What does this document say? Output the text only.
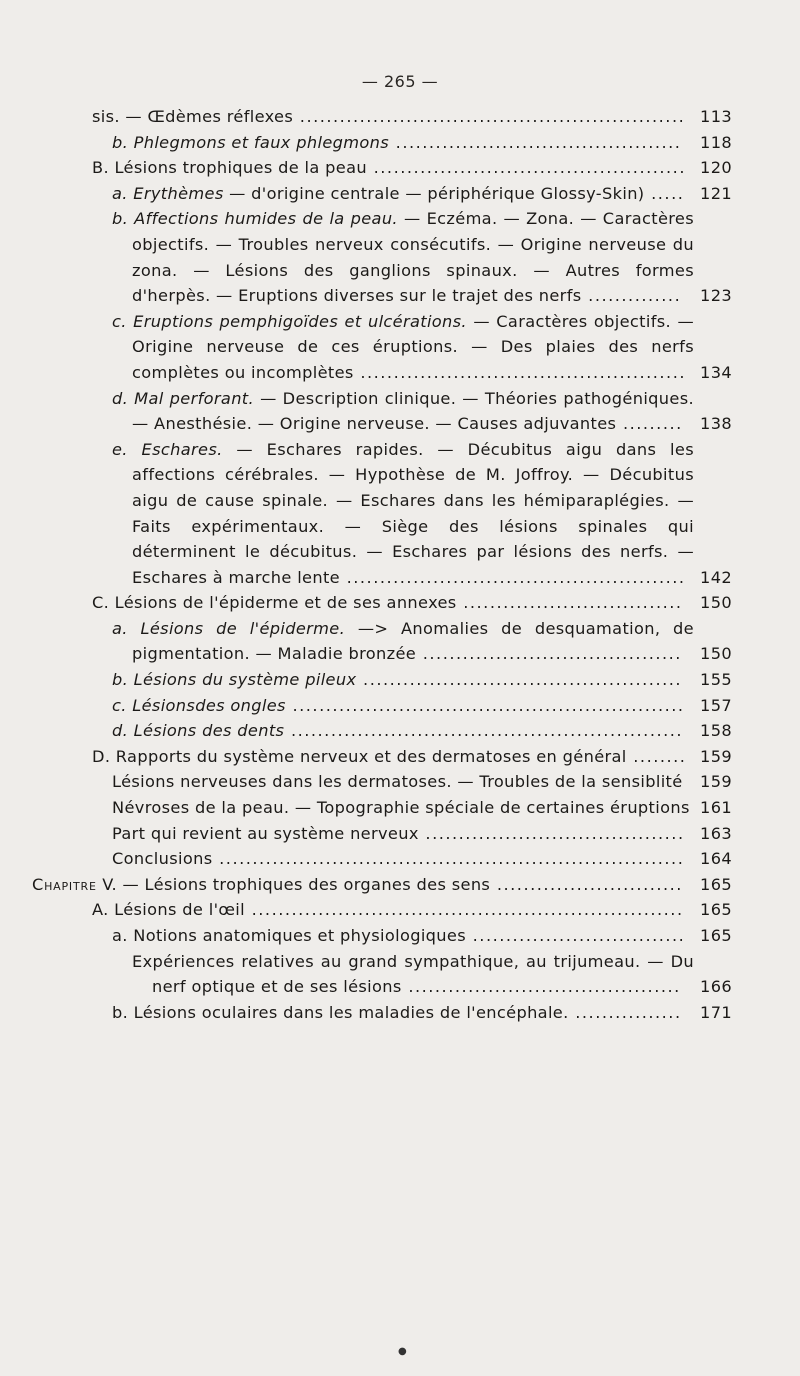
— 265 —
sis. — Œdèmes réflexes .......................................................... 113
b. Phlegmons et faux phlegmons ........................................... 118
B. Lésions trophiques de la peau ............................................... 120
a. Erythèmes — d'origine centrale — périphérique Glossy-Skin) ..... 121
b. Affections humides de la peau. — Eczéma. — Zona. — Caractères objectifs. — Troubles nerveux consécutifs. — Origine nerveuse du zona. — Lésions des ganglions spinaux. — Autres formes d'herpès. — Eruptions diverses sur le trajet des nerfs .............. 123
c. Eruptions pemphigoïdes et ulcérations. — Caractères objectifs. — Origine nerveuse de ces éruptions. — Des plaies des nerfs complètes ou incomplètes ................................................. 134
d. Mal perforant. — Description clinique. — Théories pathogéniques. — Anesthésie. — Origine nerveuse. — Causes adjuvantes ......... 138
e. Eschares. — Eschares rapides. — Décubitus aigu dans les affections cérébrales. — Hypothèse de M. Joffroy. — Décubitus aigu de cause spinale. — Eschares dans les hémiparaplégies. — Faits expérimentaux. — Siège des lésions spinales qui déterminent le décubitus. — Eschares par lésions des nerfs. — Eschares à marche lente ................................................... 142
C. Lésions de l'épiderme et de ses annexes ................................. 150
a. Lésions de l'épiderme. —> Anomalies de desquamation, de pigmentation. — Maladie bronzée ....................................... 150
b. Lésions du système pileux ................................................ 155
c. Lésionsdes ongles ........................................................... 157
d. Lésions des dents ........................................................... 158
D. Rapports du système nerveux et des dermatoses en général ........ 159
Lésions nerveuses dans les dermatoses. — Troubles de la sensiblité 159
Névroses de la peau. — Topographie spéciale de certaines éruptions 161
Part qui revient au système nerveux ....................................... 163
Conclusions ...................................................................... 164
Chapitre V. — Lésions trophiques des organes des sens ............................	165
A. Lésions de l'œil ................................................................. 165
a. Notions anatomiques et physiologiques ................................ 165
Expériences relatives au grand sympathique, au trijumeau. — Du nerf optique et de ses lésions ......................................... 166
b. Lésions oculaires dans les maladies de l'encéphale. ................ 171
●
